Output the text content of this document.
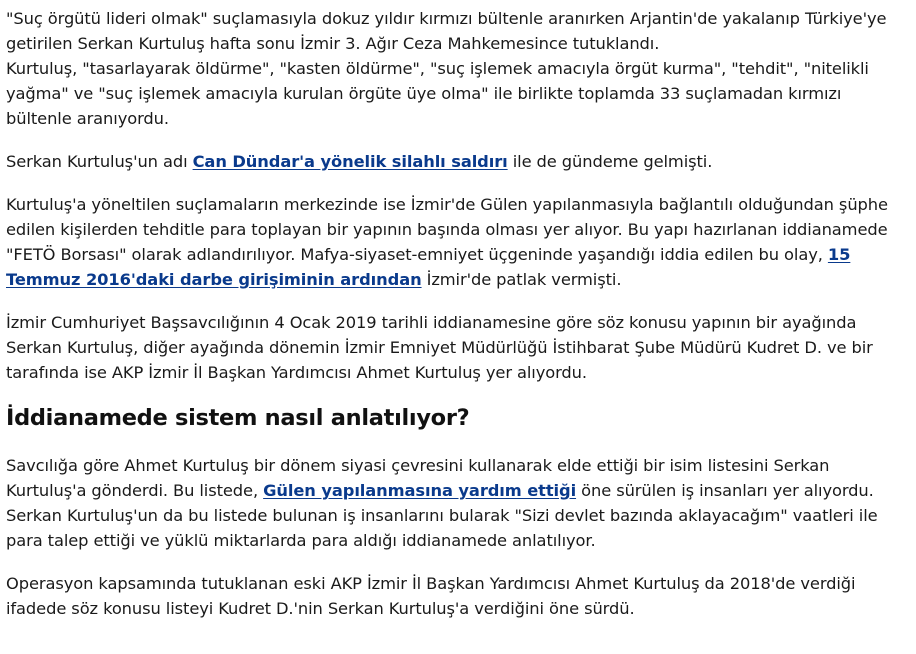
"Suç örgütü lideri olmak" suçlamasıyla dokuz yıldır kırmızı bültenle aranırken Arjantin'de yakalanıp Türkiye'ye getirilen Serkan Kurtuluş hafta sonu İzmir 3. Ağır Ceza Mahkemesince tutuklandı.
Kurtuluş, "tasarlayarak öldürme", "kasten öldürme", "suç işlemek amacıyla örgüt kurma", "tehdit", "nitelikli yağma" ve "suç işlemek amacıyla kurulan örgüte üye olma" ile birlikte toplamda 33 suçlamadan kırmızı bültenle aranıyordu.

Serkan Kurtuluş'un adı Can Dündar'a yönelik silahlı saldırı ile de gündeme gelmişti.

Kurtuluş'a yöneltilen suçlamaların merkezinde ise İzmir'de Gülen yapılanmasıyla bağlantılı olduğundan şüphe edilen kişilerden tehditle para toplayan bir yapının başında olması yer alıyor. Bu yapı hazırlanan iddianamede "FETÖ Borsası" olarak adlandırılıyor. Mafya-siyaset-emniyet üçgeninde yaşandığı iddia edilen bu olay, 15 Temmuz 2016'daki darbe girişiminin ardından İzmir'de patlak vermişti.

İzmir Cumhuriyet Başsavcılığının 4 Ocak 2019 tarihli iddianamesine göre söz konusu yapının bir ayağında Serkan Kurtuluş, diğer ayağında dönemin İzmir Emniyet Müdürlüğü İstihbarat Şube Müdürü Kudret D. ve bir tarafında ise AKP İzmir İl Başkan Yardımcısı Ahmet Kurtuluş yer alıyordu.

İddianamede sistem nasıl anlatılıyor?

Savcılığa göre Ahmet Kurtuluş bir dönem siyasi çevresini kullanarak elde ettiği bir isim listesini Serkan Kurtuluş'a gönderdi. Bu listede, Gülen yapılanmasına yardım ettiği öne sürülen iş insanları yer alıyordu. Serkan Kurtuluş'un da bu listede bulunan iş insanlarını bularak "Sizi devlet bazında aklayacağım" vaatleri ile para talep ettiği ve yüklü miktarlarda para aldığı iddianamede anlatılıyor.

Operasyon kapsamında tutuklanan eski AKP İzmir İl Başkan Yardımcısı Ahmet Kurtuluş da 2018'de verdiği ifadede söz konusu listeyi Kudret D.'nin Serkan Kurtuluş'a verdiğini öne sürdü.
